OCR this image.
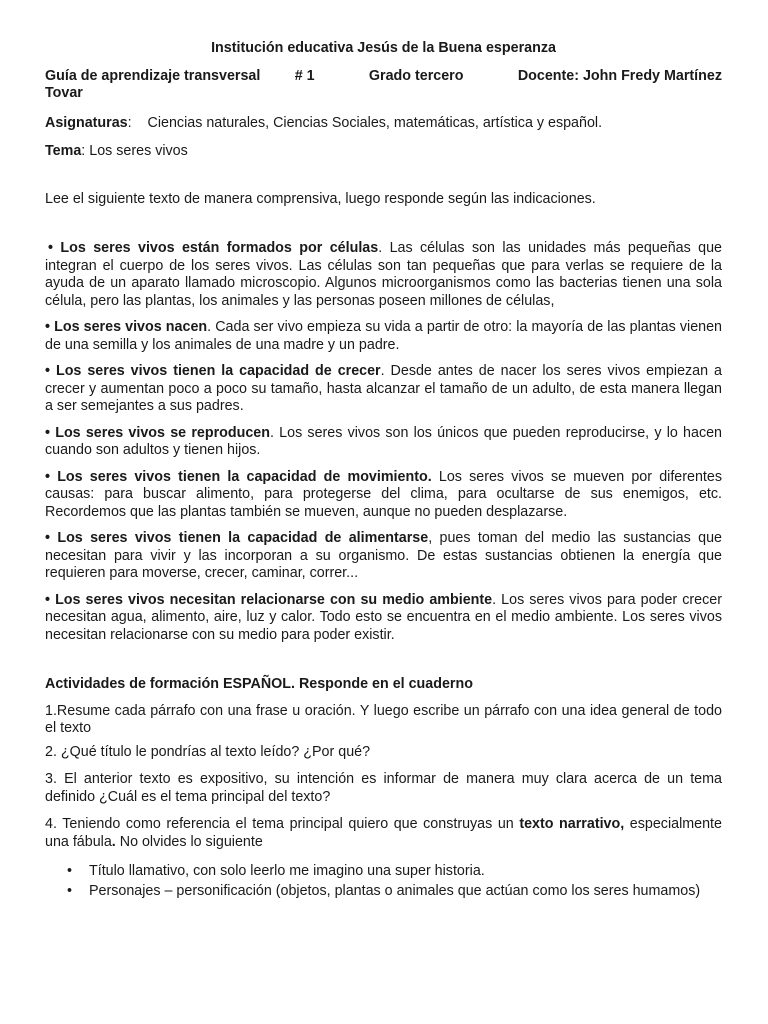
Institución educativa Jesús de la Buena esperanza

Guía de aprendizaje transversal # 1	Grado tercero	Docente: John Fredy Martínez
Tovar

Asignaturas:    Ciencias naturales, Ciencias Sociales, matemáticas, artística y español.

Tema: Los seres vivos

Lee el siguiente texto de manera comprensiva, luego responde según las indicaciones.

• Los seres vivos están formados por células. Las células son las unidades más pequeñas que integran el cuerpo de los seres vivos. Las células son tan pequeñas que para verlas se requiere de la ayuda de un aparato llamado microscopio. Algunos microorganismos como las bacterias tienen una sola célula, pero las plantas, los animales y las personas poseen millones de células,

• Los seres vivos nacen. Cada ser vivo empieza su vida a partir de otro: la mayoría de las plantas vienen de una semilla y los animales de una madre y un padre.

• Los seres vivos tienen la capacidad de crecer. Desde antes de nacer los seres vivos empiezan a crecer y aumentan poco a poco su tamaño, hasta alcanzar el tamaño de un adulto, de esta manera llegan a ser semejantes a sus padres.

• Los seres vivos se reproducen. Los seres vivos son los únicos que pueden reproducirse, y lo hacen cuando son adultos y tienen hijos.

• Los seres vivos tienen la capacidad de movimiento. Los seres vivos se mueven por diferentes causas: para buscar alimento, para protegerse del clima, para ocultarse de sus enemigos, etc. Recordemos que las plantas también se mueven, aunque no pueden desplazarse.

• Los seres vivos tienen la capacidad de alimentarse, pues toman del medio las sustancias que necesitan para vivir y las incorporan a su organismo. De estas sustancias obtienen la energía que requieren para moverse, crecer, caminar, correr...

• Los seres vivos necesitan relacionarse con su medio ambiente. Los seres vivos para poder crecer necesitan agua, alimento, aire, luz y calor. Todo esto se encuentra en el medio ambiente. Los seres vivos necesitan relacionarse con su medio para poder existir.

Actividades de formación ESPAÑOL. Responde en el cuaderno

1.Resume cada párrafo con una frase u oración. Y luego escribe un párrafo con una idea general de todo el texto

2. ¿Qué título le pondrías al texto leído? ¿Por qué?

3. El anterior texto es expositivo, su intención es informar de manera muy clara acerca de un tema definido ¿Cuál es el tema principal del texto?

4. Teniendo como referencia el tema principal quiero que construyas un texto narrativo, especialmente una fábula. No olvides lo siguiente

• Título llamativo, con solo leerlo me imagino una super historia.
• Personajes – personificación (objetos, plantas o animales que actúan como los seres humamos)
